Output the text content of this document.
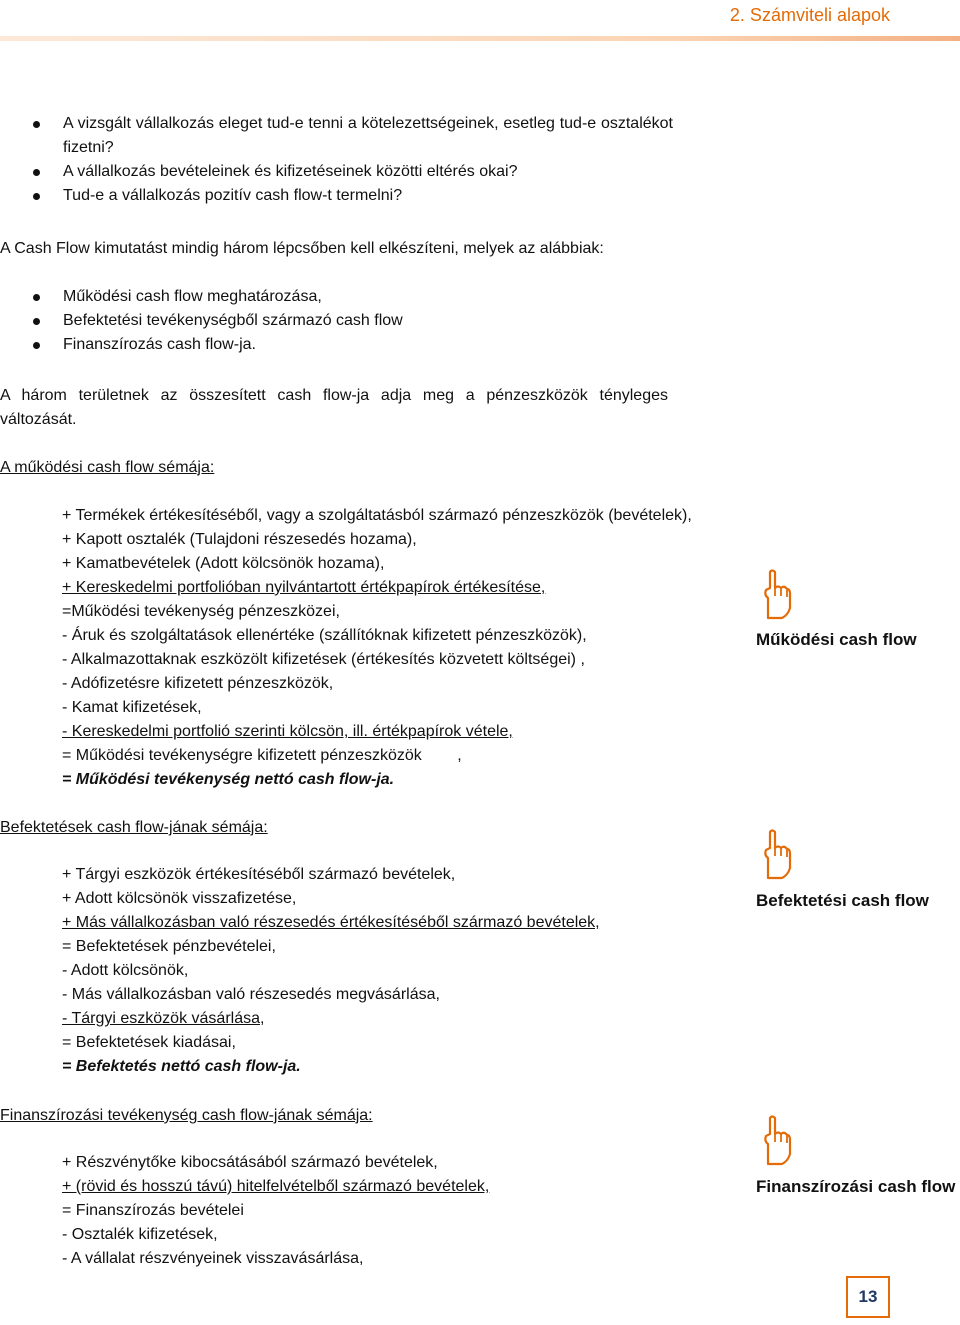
2. Számviteli alapok
A vizsgált vállalkozás eleget tud-e tenni a kötelezettségeinek, esetleg tud-e osztalékot fizetni?
A vállalkozás bevételeinek és kifizetéseinek közötti eltérés okai?
Tud-e a vállalkozás pozitív cash flow-t termelni?
A Cash Flow kimutatást mindig három lépcsőben kell elkészíteni, melyek az alábbiak:
Működési cash flow meghatározása,
Befektetési tevékenységből származó cash flow
Finanszírozás cash flow-ja.
A három területnek az összesített cash flow-ja adja meg a pénzeszközök tényleges változását.
A működési cash flow sémája:
+ Termékek értékesítéséből, vagy a szolgáltatásból származó pénzeszközök (bevételek),
+ Kapott osztalék (Tulajdoni részesedés hozama),
+ Kamatbevételek (Adott kölcsönök hozama),
+ Kereskedelmi portfolióban nyilvántartott értékpapírok értékesítése,
=Működési tevékenység pénzeszközei,
- Áruk és szolgáltatások ellenértéke (szállítóknak kifizetett pénzeszközök),
- Alkalmazottaknak eszközölt kifizetések (értékesítés közvetett költségei) ,
- Adófizetésre kifizetett pénzeszközök,
- Kamat kifizetések,
- Kereskedelmi portfolió szerinti kölcsön, ill. értékpapírok vétele,
= Működési tevékenységre kifizetett pénzeszközök        ,
= Működési tevékenység nettó cash flow-ja.
Működési cash flow
Befektetések cash flow-jának sémája:
+ Tárgyi eszközök értékesítéséből származó bevételek,
+ Adott kölcsönök visszafizetése,
+ Más vállalkozásban való részesedés értékesítéséből származó bevételek,
= Befektetések pénzbevételei,
- Adott kölcsönök,
- Más vállalkozásban való részesedés megvásárlása,
- Tárgyi eszközök vásárlása,
= Befektetések kiadásai,
= Befektetés nettó cash flow-ja.
Befektetési cash flow
Finanszírozási tevékenység cash flow-jának sémája:
+ Részvénytőke kibocsátásából származó bevételek,
+ (rövid és hosszú távú) hitelfelvételből származó bevételek,
= Finanszírozás bevételei
- Osztalék kifizetések,
- A vállalat részvényeinek visszavásárlása,
Finanszírozási cash flow
13
